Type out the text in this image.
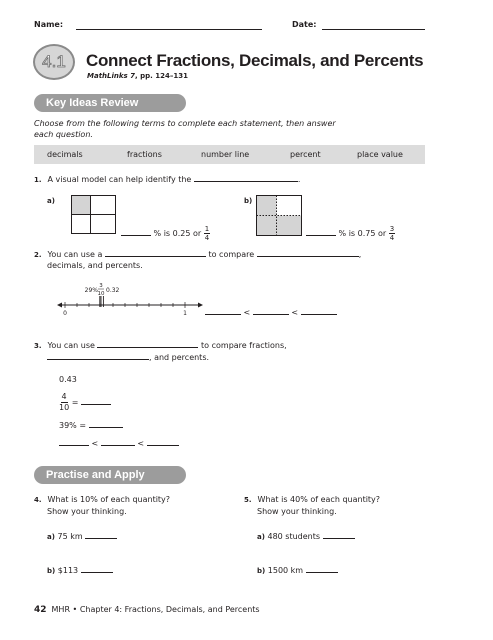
Name:	Date:
4.1	Connect Fractions, Decimals, and Percents
MathLinks 7, pp. 124–131
Key Ideas Review
Choose from the following terms to complete each statement, then answer
each question.
decimals	fractions	number line	percent	place value
1. A visual model can help identify the	.
a)
% is 0.25 or $\frac{1}{4}$
b)
% is 0.75 or $\frac{3}{4}$
2. You can use a	to compare	,
decimals, and percents.
29%
3
10 0.32
0	1	<	<
3. You can use	to compare fractions,
, and percents.
0.43
$\frac{4}{10}$ =
39% =
<	<
Practise and Apply
4. What is 10% of each quantity?
Show your thinking.
a) 75 km
b) $113
5. What is 40% of each quantity?
Show your thinking.
a) 480 students
b) 1500 km
42 MHR • Chapter 4: Fractions, Decimals, and Percents
